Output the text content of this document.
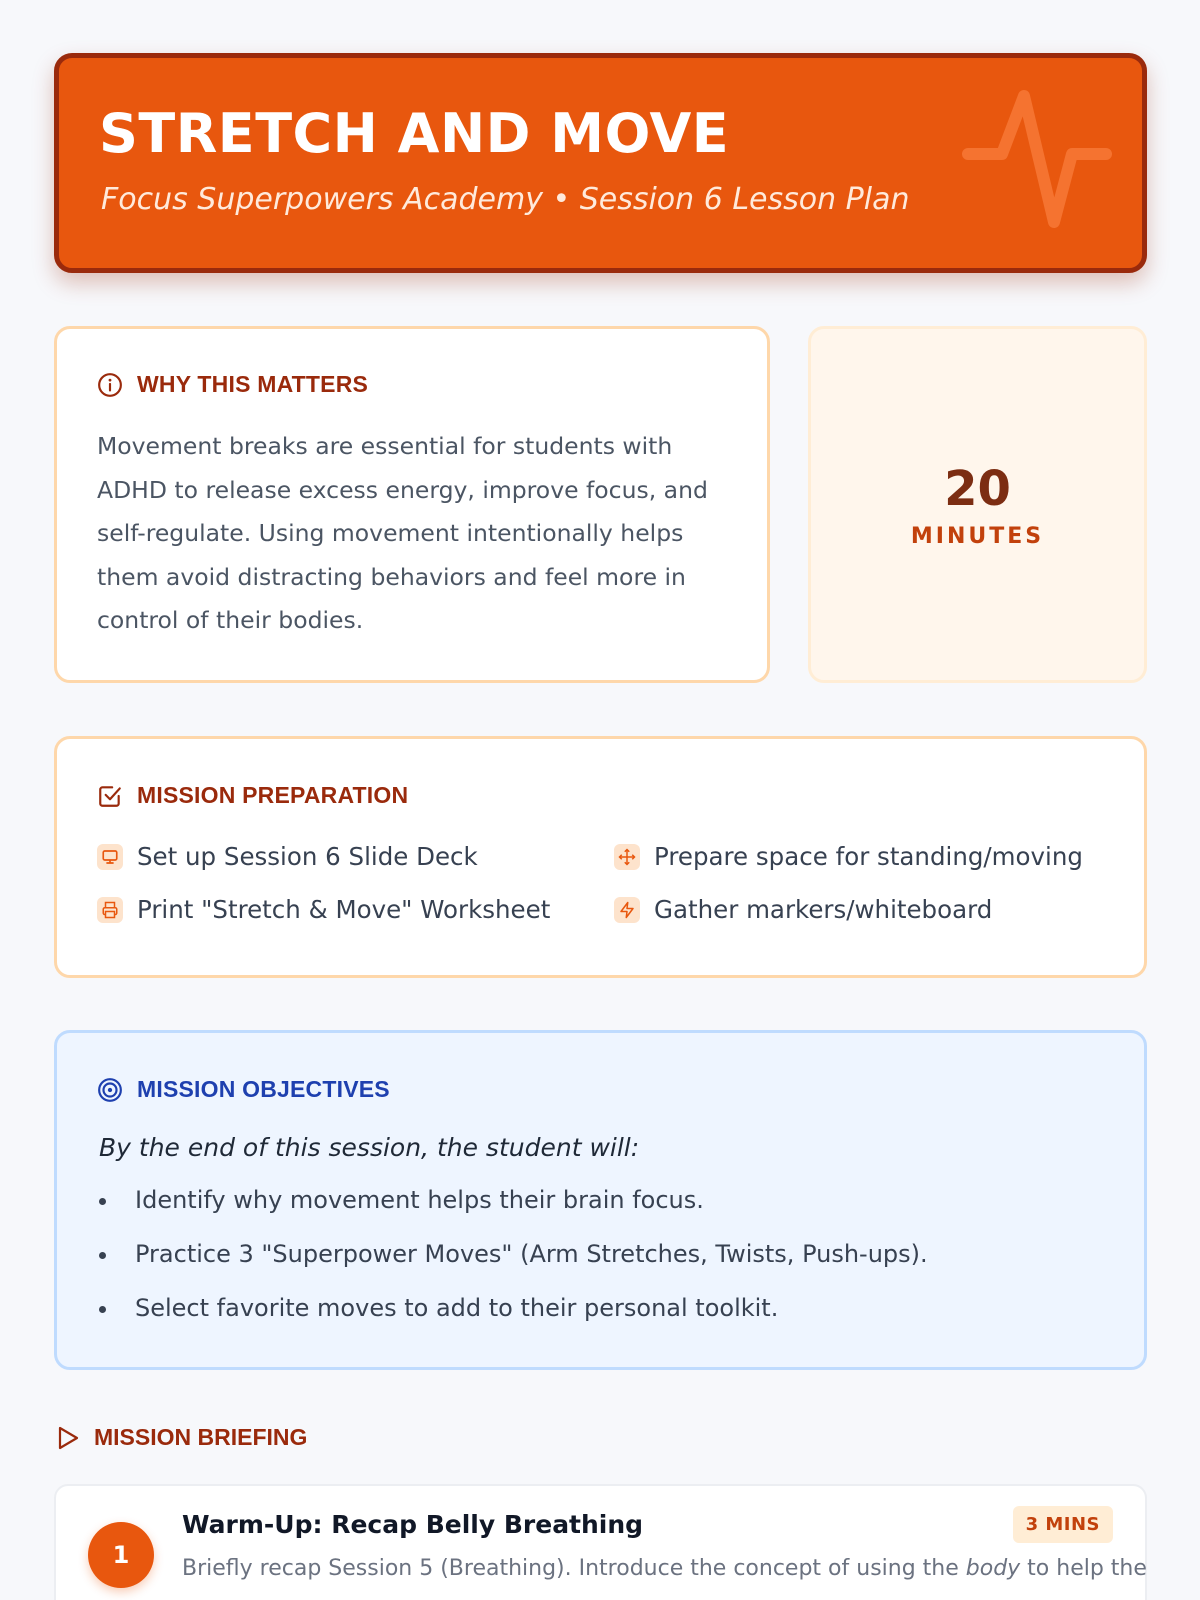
STRETCH AND MOVE
Focus Superpowers Academy • Session 6 Lesson Plan
WHY THIS MATTERS
Movement breaks are essential for students with ADHD to release excess energy, improve focus, and self-regulate. Using movement intentionally helps them avoid distracting behaviors and feel more in control of their bodies.
20
MINUTES
MISSION PREPARATION
Set up Session 6 Slide Deck	Prepare space for standing/moving
Print "Stretch & Move" Worksheet	Gather markers/whiteboard
MISSION OBJECTIVES
By the end of this session, the student will:
Identify why movement helps their brain focus.
Practice 3 "Superpower Moves" (Arm Stretches, Twists, Push-ups).
Select favorite moves to add to their personal toolkit.
MISSION BRIEFING
1
Warm-Up: Recap Belly Breathing	3 MINS
Briefly recap Session 5 (Breathing). Introduce the concept of using the body to help the
